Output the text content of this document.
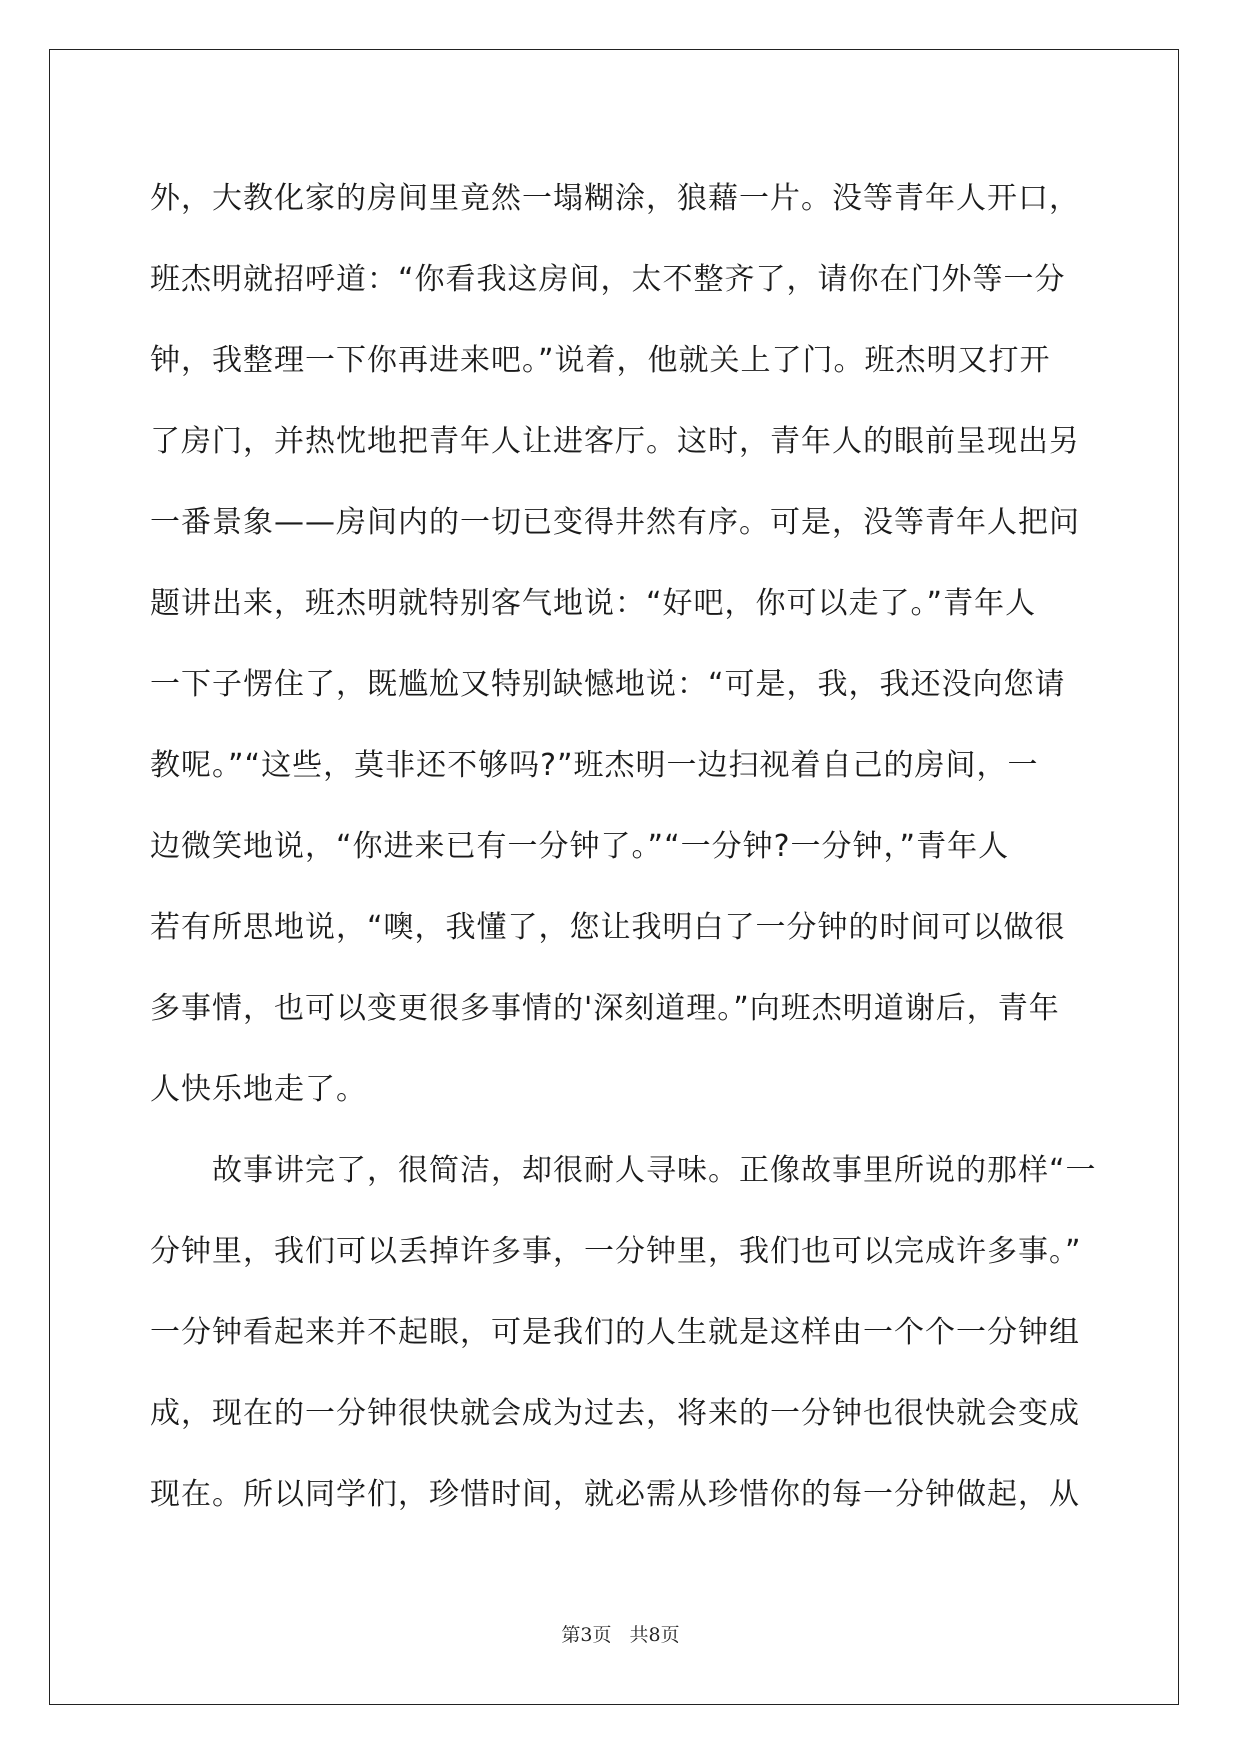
外，大教化家的房间里竟然一塌糊涂，狼藉一片。没等青年人开口，
班杰明就招呼道：“你看我这房间，太不整齐了，请你在门外等一分
钟，我整理一下你再进来吧。”说着，他就关上了门。班杰明又打开
了房门，并热忱地把青年人让进客厅。这时，青年人的眼前呈现出另
一番景象——房间内的一切已变得井然有序。可是，没等青年人把问
题讲出来，班杰明就特别客气地说：“好吧，你可以走了。”青年人
一下子愣住了，既尴尬又特别缺憾地说：“可是，我，我还没向您请
教呢。”“这些，莫非还不够吗?”班杰明一边扫视着自己的房间，一
边微笑地说，“你进来已有一分钟了。”“一分钟?一分钟，”青年人
若有所思地说，“噢，我懂了，您让我明白了一分钟的时间可以做很
多事情，也可以变更很多事情的'深刻道理。”向班杰明道谢后，青年
人快乐地走了。
　　故事讲完了，很简洁，却很耐人寻味。正像故事里所说的那样“一
分钟里，我们可以丢掉许多事，一分钟里，我们也可以完成许多事。”
一分钟看起来并不起眼，可是我们的人生就是这样由一个个一分钟组
成，现在的一分钟很快就会成为过去，将来的一分钟也很快就会变成
现在。所以同学们，珍惜时间，就必需从珍惜你的每一分钟做起，从
第3页 共8页
